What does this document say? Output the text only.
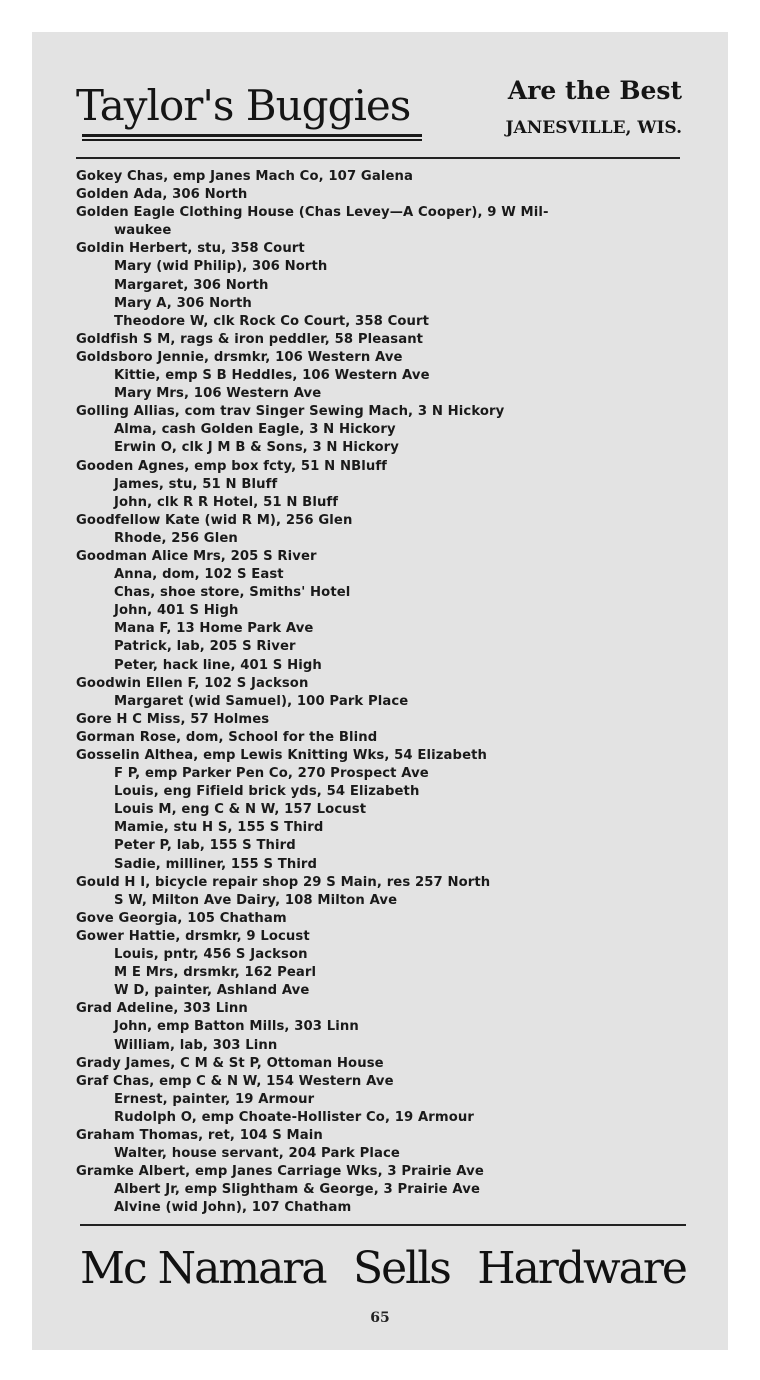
Taylor's Buggies	Are the Best
JANESVILLE, WIS.
Gokey Chas, emp Janes Mach Co, 107 Galena
Golden Ada, 306 North
Golden Eagle Clothing House (Chas Levey—A Cooper), 9 W Mil-
waukee
Goldin Herbert, stu, 358 Court
Mary (wid Philip), 306 North
Margaret, 306 North
Mary A, 306 North
Theodore W, clk Rock Co Court, 358 Court
Goldfish S M, rags & iron peddler, 58 Pleasant
Goldsboro Jennie, drsmkr, 106 Western Ave
Kittie, emp S B Heddles, 106 Western Ave
Mary Mrs, 106 Western Ave
Golling Allias, com trav Singer Sewing Mach, 3 N Hickory
Alma, cash Golden Eagle, 3 N Hickory
Erwin O, clk J M B & Sons, 3 N Hickory
Gooden Agnes, emp box fcty, 51 N NBluff
James, stu, 51 N Bluff
John, clk R R Hotel, 51 N Bluff
Goodfellow Kate (wid R M), 256 Glen
Rhode, 256 Glen
Goodman Alice Mrs, 205 S River
Anna, dom, 102 S East
Chas, shoe store, Smiths' Hotel
John, 401 S High
Mana F, 13 Home Park Ave
Patrick, lab, 205 S River
Peter, hack line, 401 S High
Goodwin Ellen F, 102 S Jackson
Margaret (wid Samuel), 100 Park Place
Gore H C Miss, 57 Holmes
Gorman Rose, dom, School for the Blind
Gosselin Althea, emp Lewis Knitting Wks, 54 Elizabeth
F P, emp Parker Pen Co, 270 Prospect Ave
Louis, eng Fifield brick yds, 54 Elizabeth
Louis M, eng C & N W, 157 Locust
Mamie, stu H S, 155 S Third
Peter P, lab, 155 S Third
Sadie, milliner, 155 S Third
Gould H I, bicycle repair shop 29 S Main, res 257 North
S W, Milton Ave Dairy, 108 Milton Ave
Gove Georgia, 105 Chatham
Gower Hattie, drsmkr, 9 Locust
Louis, pntr, 456 S Jackson
M E Mrs, drsmkr, 162 Pearl
W D, painter, Ashland Ave
Grad Adeline, 303 Linn
John, emp Batton Mills, 303 Linn
William, lab, 303 Linn
Grady James, C M & St P, Ottoman House
Graf Chas, emp C & N W, 154 Western Ave
Ernest, painter, 19 Armour
Rudolph O, emp Choate-Hollister Co, 19 Armour
Graham Thomas, ret, 104 S Main
Walter, house servant, 204 Park Place
Gramke Albert, emp Janes Carriage Wks, 3 Prairie Ave
Albert Jr, emp Slightham & George, 3 Prairie Ave
Alvine (wid John), 107 Chatham
Mc Namara Sells Hardware
65
